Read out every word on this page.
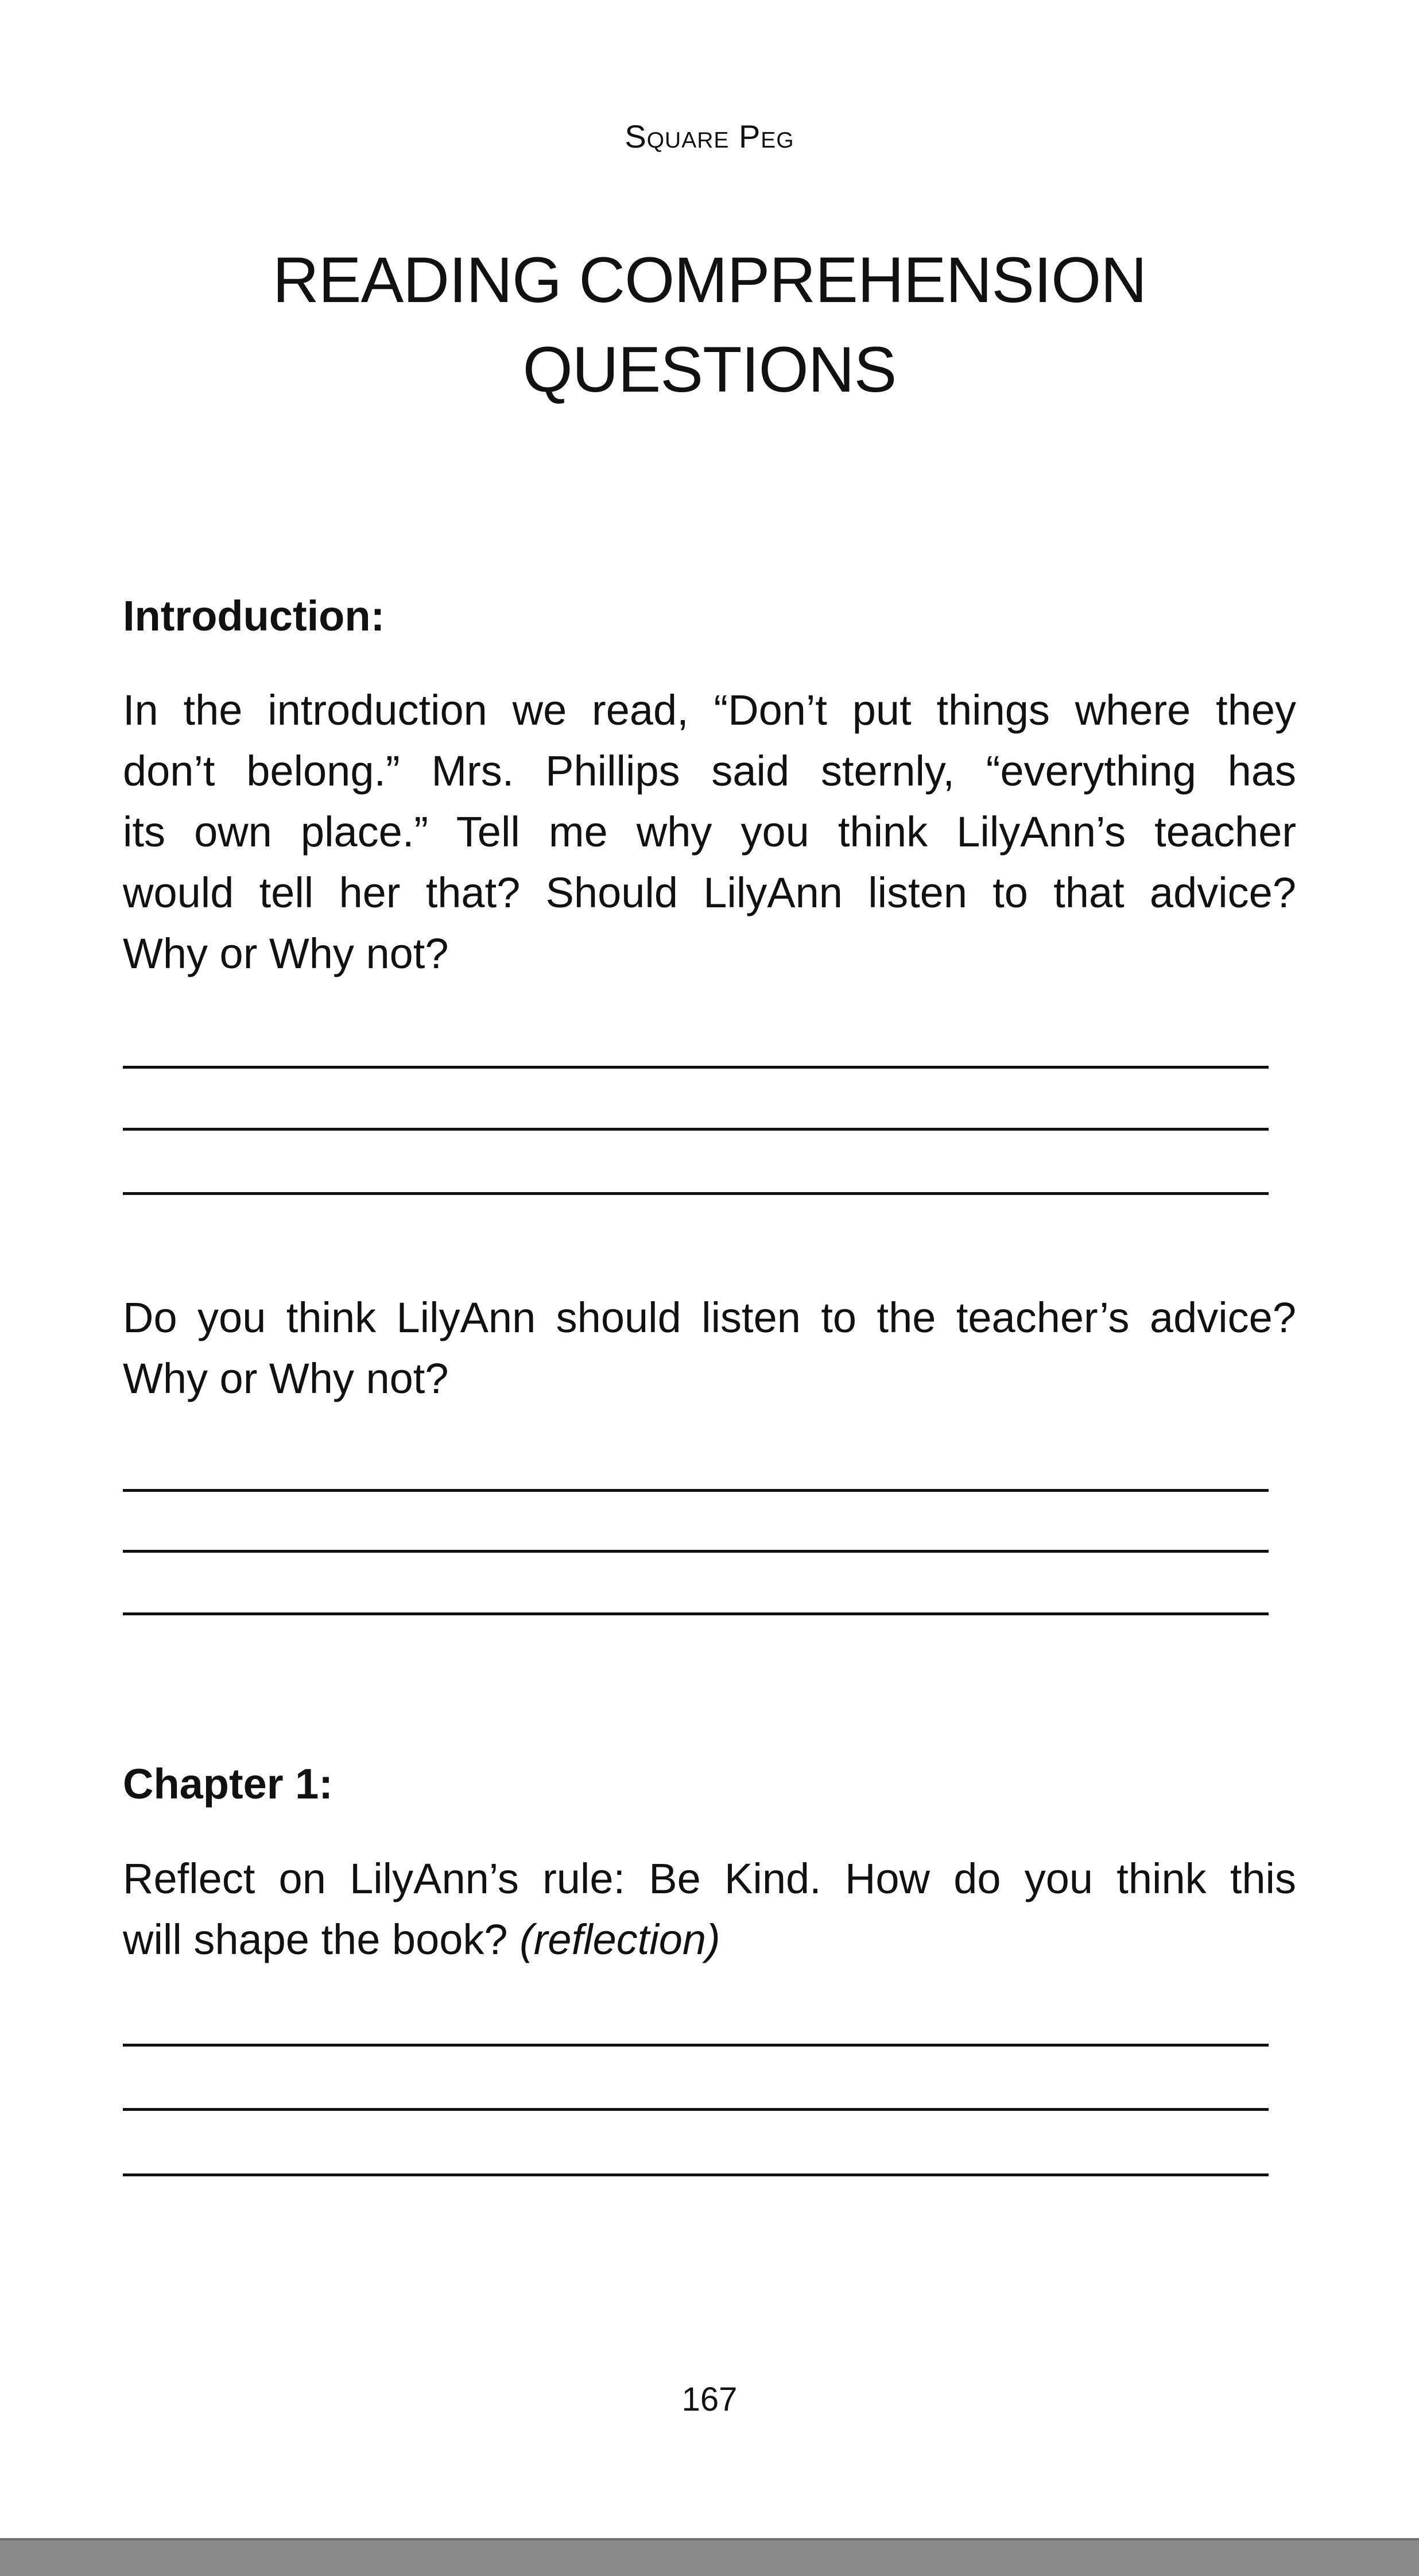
Square Peg
READING COMPREHENSION
QUESTIONS
Introduction:
In the introduction we read, “Don’t put things where they
don’t belong.” Mrs. Phillips said sternly, “everything has
its own place.” Tell me why you think LilyAnn’s teacher
would tell her that? Should LilyAnn listen to that advice?
Why or Why not?
Do you think LilyAnn should listen to the teacher’s advice?
Why or Why not?
Chapter 1:
Reflect on LilyAnn’s rule: Be Kind. How do you think this
will shape the book? (reflection)
167
